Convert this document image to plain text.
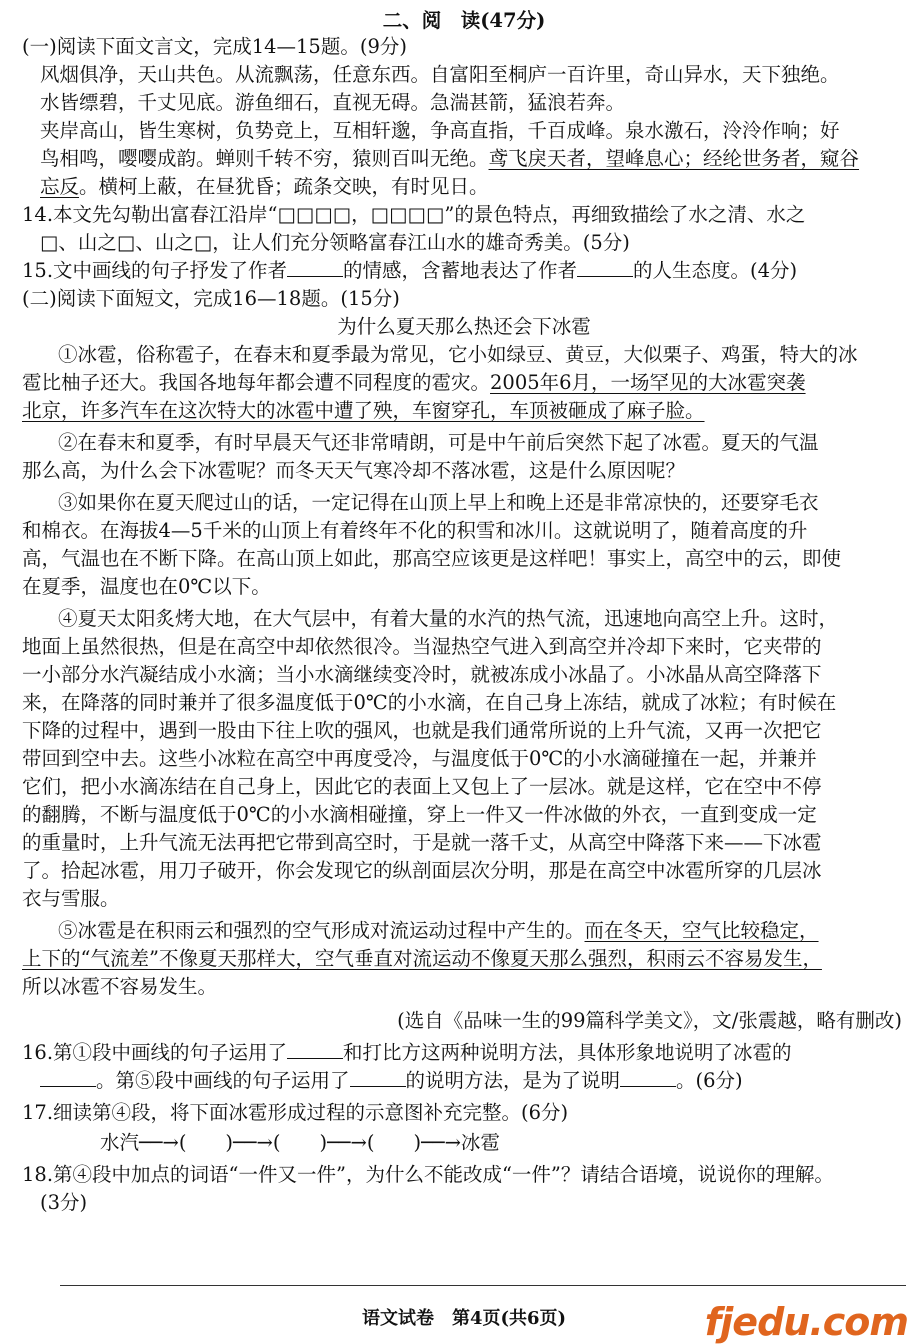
二、阅　读(47分)
(一)阅读下面文言文，完成14—15题。(9分)
风烟俱净，天山共色。从流飘荡，任意东西。自富阳至桐庐一百许里，奇山异水，天下独绝。
水皆缥碧，千丈见底。游鱼细石，直视无碍。急湍甚箭，猛浪若奔。
夹岸高山，皆生寒树，负势竞上，互相轩邈，争高直指，千百成峰。泉水激石，泠泠作响；好
鸟相鸣，嘤嘤成韵。蝉则千转不穷，猿则百叫无绝。鸢飞戾天者，望峰息心；经纶世务者，窥谷
忘反。横柯上蔽，在昼犹昏；疏条交映，有时见日。
14.本文先勾勒出富春江沿岸“□□□□，□□□□”的景色特点，再细致描绘了水之清、水之
□、山之□、山之□，让人们充分领略富春江山水的雄奇秀美。(5分)
15.文中画线的句子抒发了作者	的情感，含蓄地表达了作者	的人生态度。(4分)
(二)阅读下面短文，完成16—18题。(15分)
为什么夏天那么热还会下冰雹
①冰雹，俗称雹子，在春末和夏季最为常见，它小如绿豆、黄豆，大似栗子、鸡蛋，特大的冰
雹比柚子还大。我国各地每年都会遭不同程度的雹灾。2005年6月，一场罕见的大冰雹突袭
北京，许多汽车在这次特大的冰雹中遭了殃，车窗穿孔，车顶被砸成了麻子脸。
②在春末和夏季，有时早晨天气还非常晴朗，可是中午前后突然下起了冰雹。夏天的气温
那么高，为什么会下冰雹呢？而冬天天气寒冷却不落冰雹，这是什么原因呢？
③如果你在夏天爬过山的话，一定记得在山顶上早上和晚上还是非常凉快的，还要穿毛衣
和棉衣。在海拔4—5千米的山顶上有着终年不化的积雪和冰川。这就说明了，随着高度的升
高，气温也在不断下降。在高山顶上如此，那高空应该更是这样吧！事实上，高空中的云，即使
在夏季，温度也在0℃以下。
④夏天太阳炙烤大地，在大气层中，有着大量的水汽的热气流，迅速地向高空上升。这时，
地面上虽然很热，但是在高空中却依然很冷。当湿热空气进入到高空并冷却下来时，它夹带的
一小部分水汽凝结成小水滴；当小水滴继续变冷时，就被冻成小冰晶了。小冰晶从高空降落下
来，在降落的同时兼并了很多温度低于0℃的小水滴，在自己身上冻结，就成了冰粒；有时候在
下降的过程中，遇到一股由下往上吹的强风，也就是我们通常所说的上升气流，又再一次把它
带回到空中去。这些小冰粒在高空中再度受冷，与温度低于0℃的小水滴碰撞在一起，并兼并
它们，把小水滴冻结在自己身上，因此它的表面上又包上了一层冰。就是这样，它在空中不停
的翻腾，不断与温度低于0℃的小水滴相碰撞，穿上一件又一件冰做的外衣，一直到变成一定
的重量时，上升气流无法再把它带到高空时，于是就一落千丈，从高空中降落下来——下冰雹
了。拾起冰雹，用刀子破开，你会发现它的纵剖面层次分明，那是在高空中冰雹所穿的几层冰
衣与雪服。
⑤冰雹是在积雨云和强烈的空气形成对流运动过程中产生的。而在冬天，空气比较稳定，
上下的“气流差”不像夏天那样大，空气垂直对流运动不像夏天那么强烈，积雨云不容易发生，
所以冰雹不容易发生。
(选自《品味一生的99篇科学美文》，文/张震越，略有删改)
16.第①段中画线的句子运用了	和打比方这两种说明方法，具体形象地说明了冰雹的
。第⑤段中画线的句子运用了	的说明方法，是为了说明	。(6分)
17.细读第④段，将下面冰雹形成过程的示意图补充完整。(6分)
水汽──→(　　)──→(　　)──→(　　)──→冰雹
18.第④段中加点的词语“一件又一件”，为什么不能改成“一件”？请结合语境，说说你的理解。
(3分)
语文试卷　第4页(共6页)	fjedu.com
